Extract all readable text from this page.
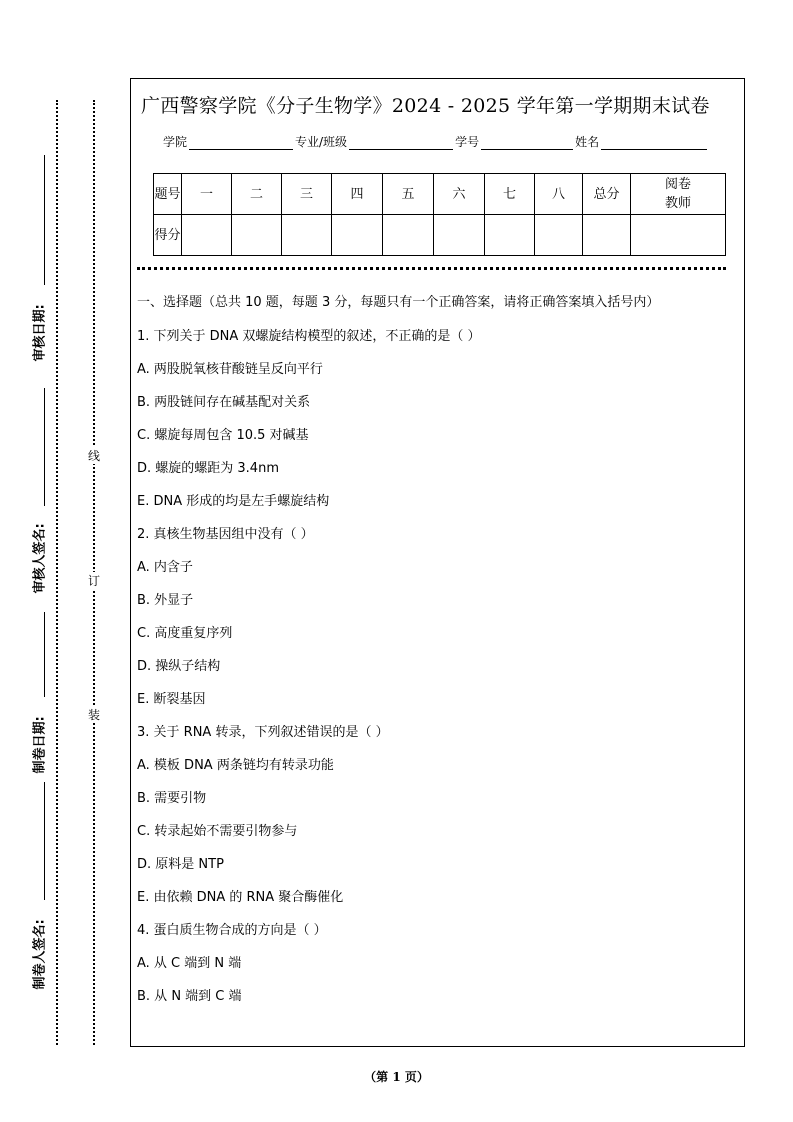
审核日期:
审核人签名:
制卷日期:
制卷人签名:
线
订
装
广西警察学院《分子生物学》2024 - 2025 学年第一学期期末试卷
学院	专业/班级	学号	姓名
题号	一	二	三	四	五	六	七	八	总分	阅卷
教师
得分										
一、选择题（总共 10 题，每题 3 分，每题只有一个正确答案，请将正确答案填入括号内）
1. 下列关于 DNA 双螺旋结构模型的叙述，不正确的是（ ）
A. 两股脱氧核苷酸链呈反向平行
B. 两股链间存在碱基配对关系
C. 螺旋每周包含 10.5 对碱基
D. 螺旋的螺距为 3.4nm
E. DNA 形成的均是左手螺旋结构
2. 真核生物基因组中没有（ ）
A. 内含子
B. 外显子
C. 高度重复序列
D. 操纵子结构
E. 断裂基因
3. 关于 RNA 转录，下列叙述错误的是（ ）
A. 模板 DNA 两条链均有转录功能
B. 需要引物
C. 转录起始不需要引物参与
D. 原料是 NTP
E. 由依赖 DNA 的 RNA 聚合酶催化
4. 蛋白质生物合成的方向是（ ）
A. 从 C 端到 N 端
B. 从 N 端到 C 端
（第 1 页）
